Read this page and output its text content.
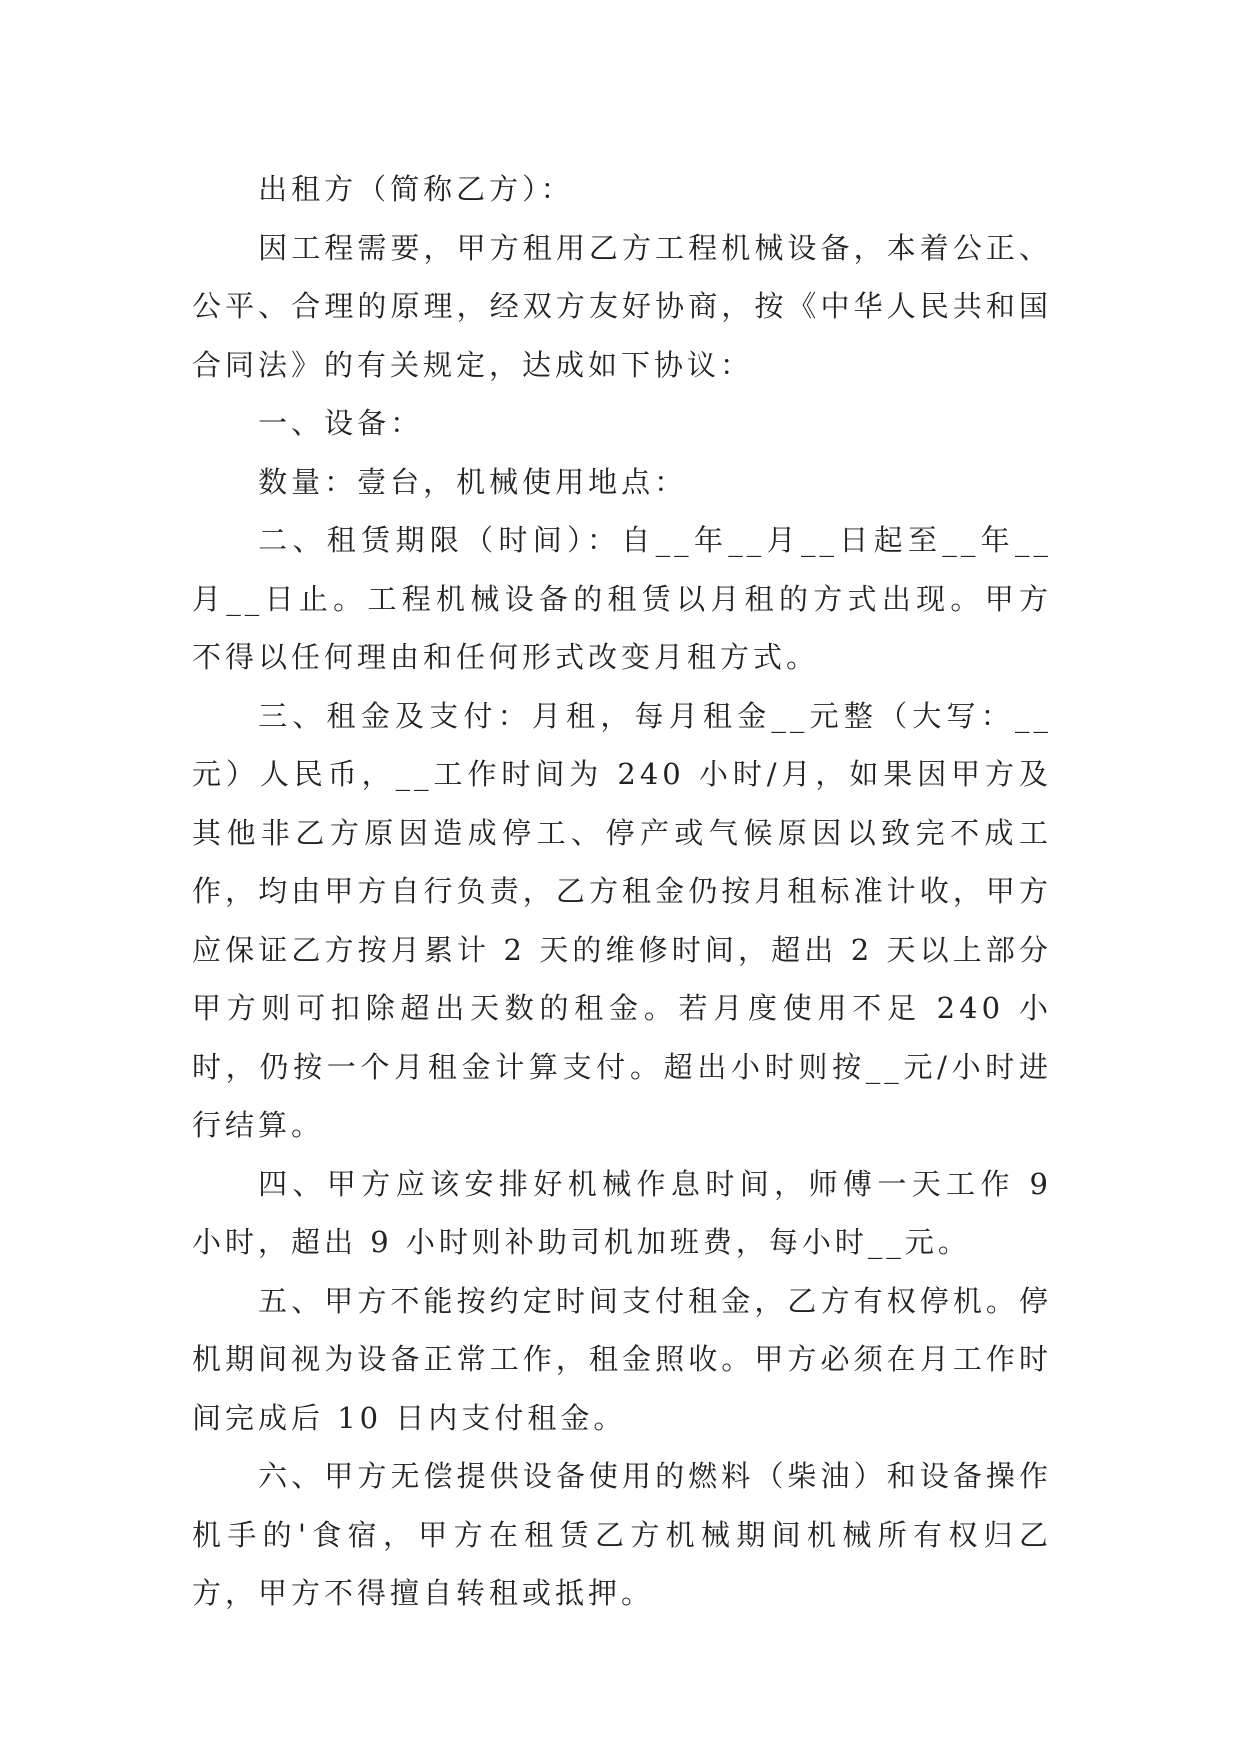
出租方（简称乙方）：

因工程需要，甲方租用乙方工程机械设备，本着公正、公平、合理的原理，经双方友好协商，按《中华人民共和国合同法》的有关规定，达成如下协议：

一、设备：

数量：壹台，机械使用地点：

二、租赁期限（时间）：自__年__月__日起至__年__月__日止。工程机械设备的租赁以月租的方式出现。甲方不得以任何理由和任何形式改变月租方式。

三、租金及支付：月租，每月租金__元整（大写：__元）人民币，__工作时间为 240 小时/月，如果因甲方及其他非乙方原因造成停工、停产或气候原因以致完不成工作，均由甲方自行负责，乙方租金仍按月租标准计收，甲方应保证乙方按月累计 2 天的维修时间，超出 2 天以上部分甲方则可扣除超出天数的租金。若月度使用不足 240 小时，仍按一个月租金计算支付。超出小时则按__元/小时进行结算。

四、甲方应该安排好机械作息时间，师傅一天工作 9 小时，超出 9 小时则补助司机加班费，每小时__元。

五、甲方不能按约定时间支付租金，乙方有权停机。停机期间视为设备正常工作，租金照收。甲方必须在月工作时间完成后 10 日内支付租金。

六、甲方无偿提供设备使用的燃料（柴油）和设备操作机手的'食宿，甲方在租赁乙方机械期间机械所有权归乙方，甲方不得擅自转租或抵押。
